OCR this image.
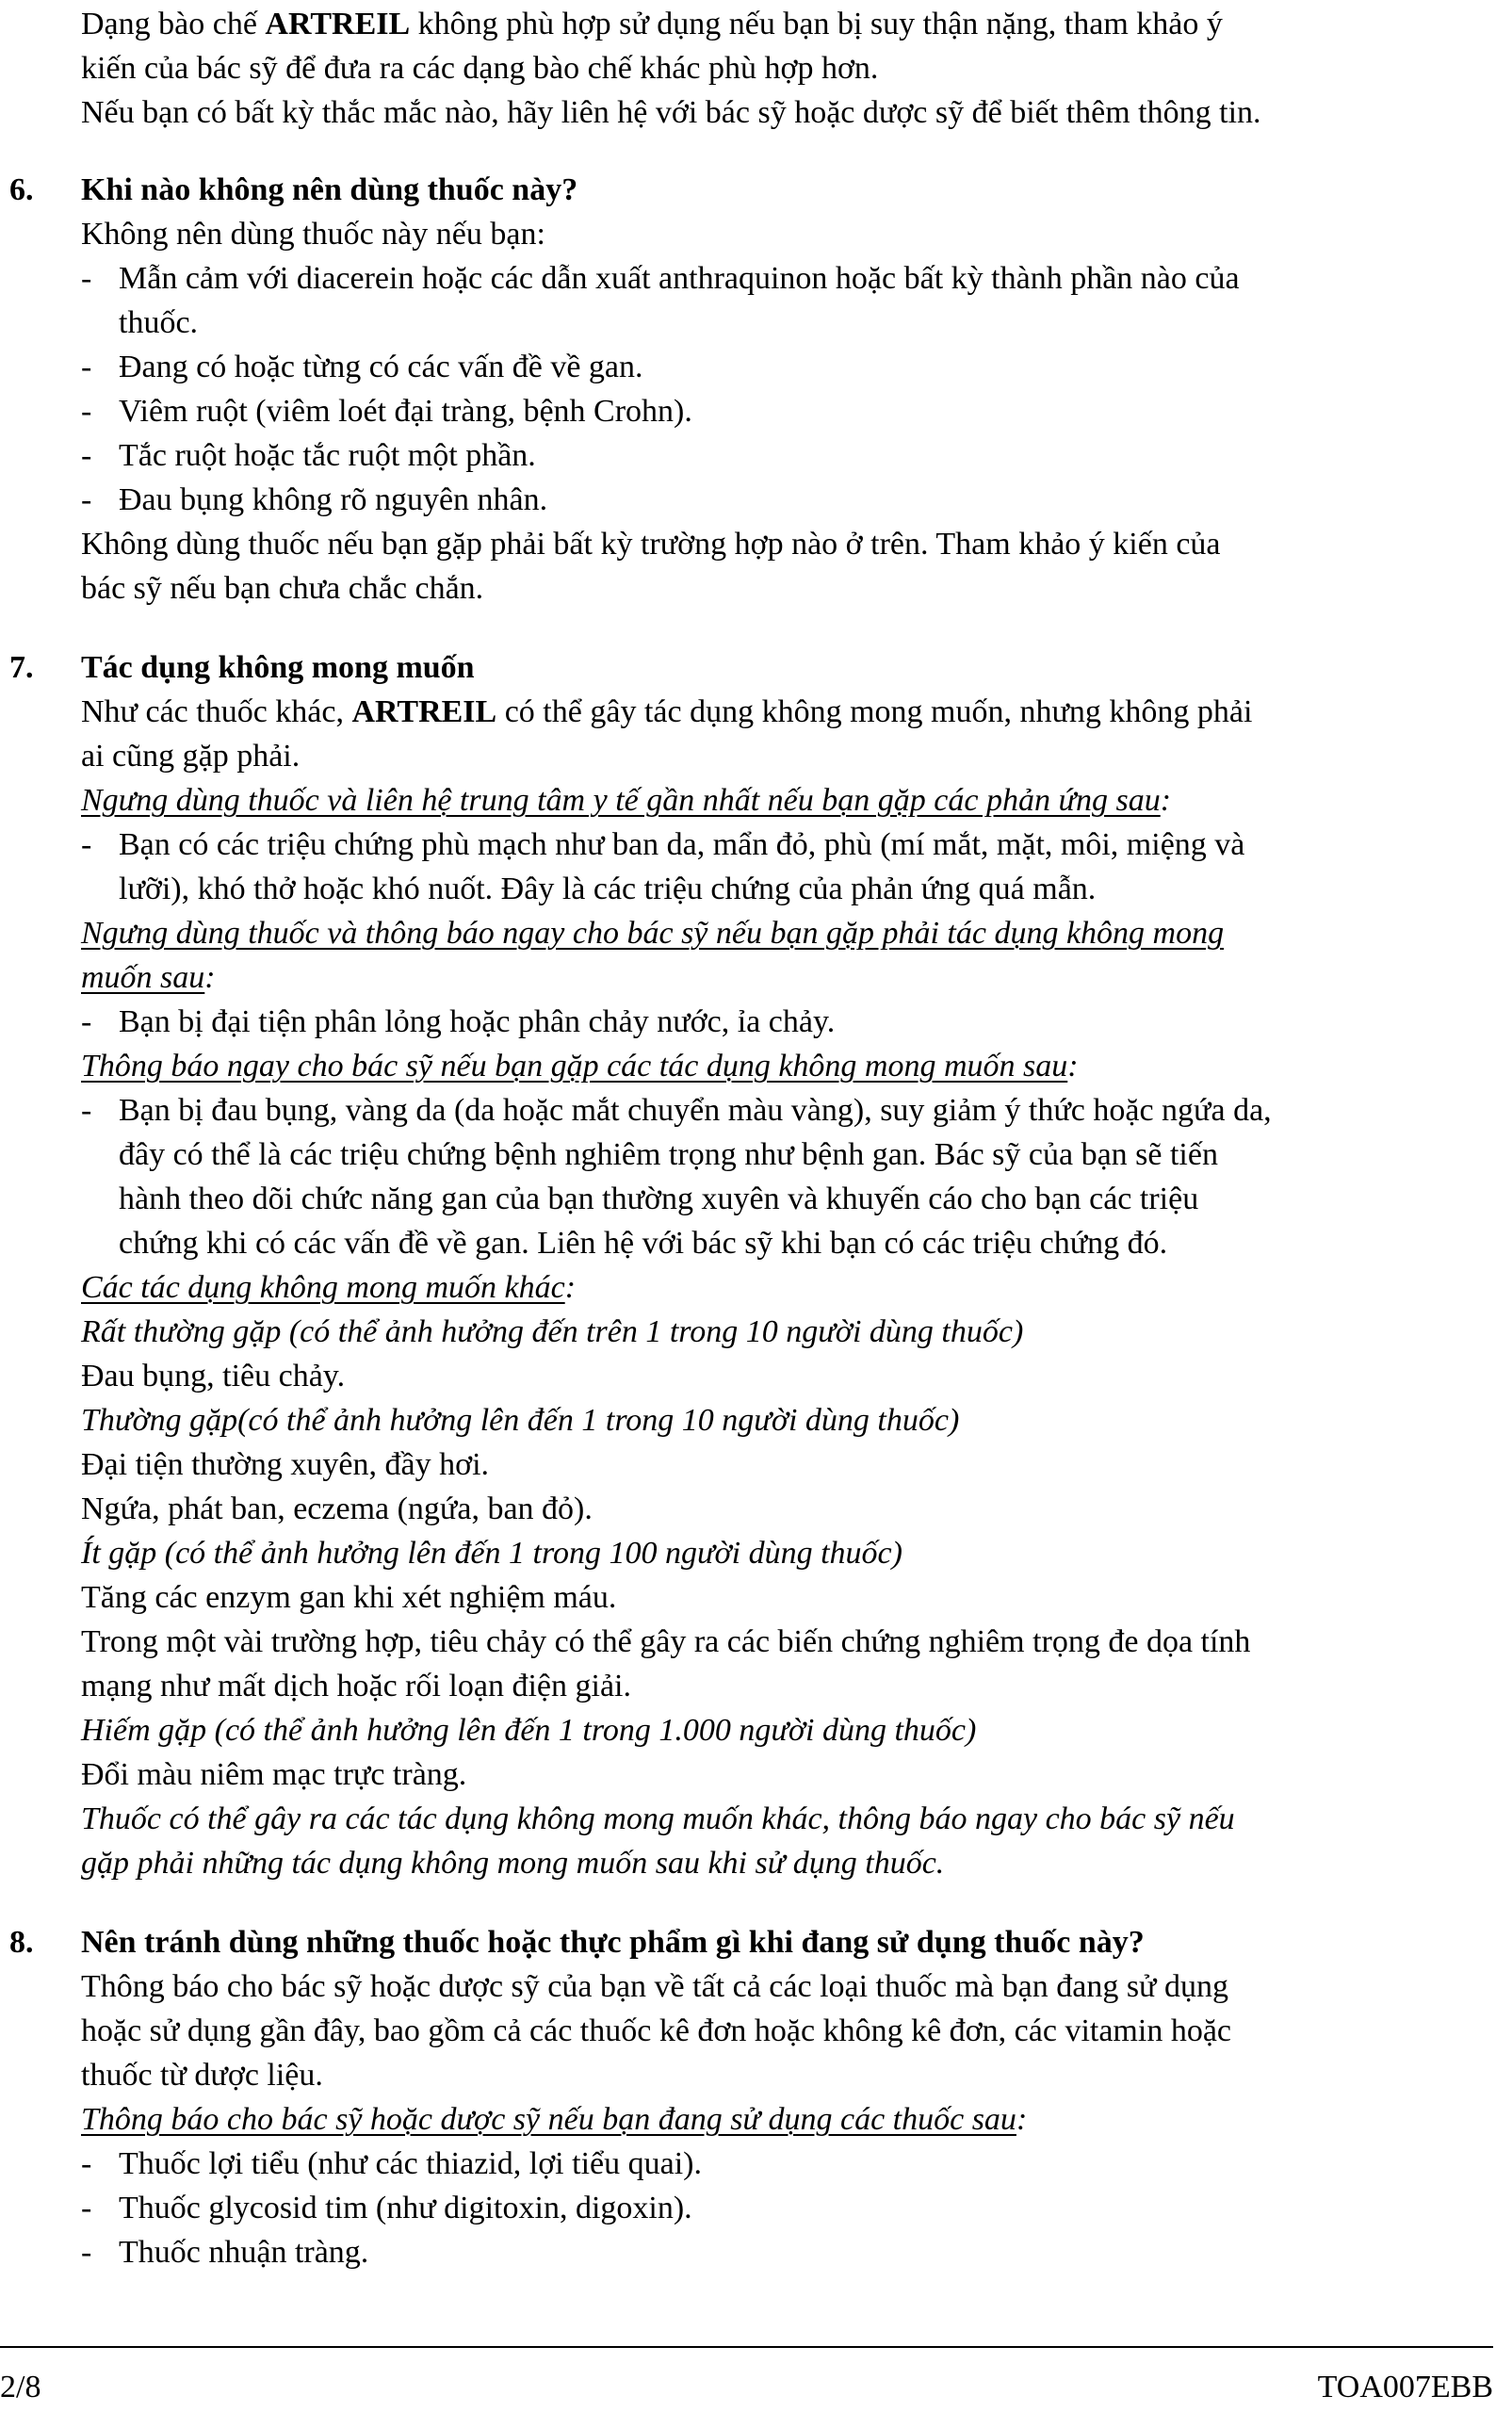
Dạng bào chế ARTREIL không phù hợp sử dụng nếu bạn bị suy thận nặng, tham khảo ý
kiến của bác sỹ để đưa ra các dạng bào chế khác phù hợp hơn.
Nếu bạn có bất kỳ thắc mắc nào, hãy liên hệ với bác sỹ hoặc dược sỹ để biết thêm thông tin.
6. Khi nào không nên dùng thuốc này?
Không nên dùng thuốc này nếu bạn:
- Mẫn cảm với diacerein hoặc các dẫn xuất anthraquinon hoặc bất kỳ thành phần nào của
thuốc.
- Đang có hoặc từng có các vấn đề về gan.
- Viêm ruột (viêm loét đại tràng, bệnh Crohn).
- Tắc ruột hoặc tắc ruột một phần.
- Đau bụng không rõ nguyên nhân.
Không dùng thuốc nếu bạn gặp phải bất kỳ trường hợp nào ở trên. Tham khảo ý kiến của
bác sỹ nếu bạn chưa chắc chắn.
7. Tác dụng không mong muốn
Như các thuốc khác, ARTREIL có thể gây tác dụng không mong muốn, nhưng không phải
ai cũng gặp phải.
Ngưng dùng thuốc và liên hệ trung tâm y tế gần nhất nếu bạn gặp các phản ứng sau:
- Bạn có các triệu chứng phù mạch như ban da, mẩn đỏ, phù (mí mắt, mặt, môi, miệng và
lưỡi), khó thở hoặc khó nuốt. Đây là các triệu chứng của phản ứng quá mẫn.
Ngưng dùng thuốc và thông báo ngay cho bác sỹ nếu bạn gặp phải tác dụng không mong
muốn sau:
- Bạn bị đại tiện phân lỏng hoặc phân chảy nước, ỉa chảy.
Thông báo ngay cho bác sỹ nếu bạn gặp các tác dụng không mong muốn sau:
- Bạn bị đau bụng, vàng da (da hoặc mắt chuyển màu vàng), suy giảm ý thức hoặc ngứa da,
đây có thể là các triệu chứng bệnh nghiêm trọng như bệnh gan. Bác sỹ của bạn sẽ tiến
hành theo dõi chức năng gan của bạn thường xuyên và khuyến cáo cho bạn các triệu
chứng khi có các vấn đề về gan. Liên hệ với bác sỹ khi bạn có các triệu chứng đó.
Các tác dụng không mong muốn khác:
Rất thường gặp (có thể ảnh hưởng đến trên 1 trong 10 người dùng thuốc)
Đau bụng, tiêu chảy.
Thường gặp(có thể ảnh hưởng lên đến 1 trong 10 người dùng thuốc)
Đại tiện thường xuyên, đầy hơi.
Ngứa, phát ban, eczema (ngứa, ban đỏ).
Ít gặp (có thể ảnh hưởng lên đến 1 trong 100 người dùng thuốc)
Tăng các enzym gan khi xét nghiệm máu.
Trong một vài trường hợp, tiêu chảy có thể gây ra các biến chứng nghiêm trọng đe dọa tính
mạng như mất dịch hoặc rối loạn điện giải.
Hiếm gặp (có thể ảnh hưởng lên đến 1 trong 1.000 người dùng thuốc)
Đổi màu niêm mạc trực tràng.
Thuốc có thể gây ra các tác dụng không mong muốn khác, thông báo ngay cho bác sỹ nếu
gặp phải những tác dụng không mong muốn sau khi sử dụng thuốc.
8. Nên tránh dùng những thuốc hoặc thực phẩm gì khi đang sử dụng thuốc này?
Thông báo cho bác sỹ hoặc dược sỹ của bạn về tất cả các loại thuốc mà bạn đang sử dụng
hoặc sử dụng gần đây, bao gồm cả các thuốc kê đơn hoặc không kê đơn, các vitamin hoặc
thuốc từ dược liệu.
Thông báo cho bác sỹ hoặc dược sỹ nếu bạn đang sử dụng các thuốc sau:
- Thuốc lợi tiểu (như các thiazid, lợi tiểu quai).
- Thuốc glycosid tim (như digitoxin, digoxin).
- Thuốc nhuận tràng.
2/8	TOA007EBB
